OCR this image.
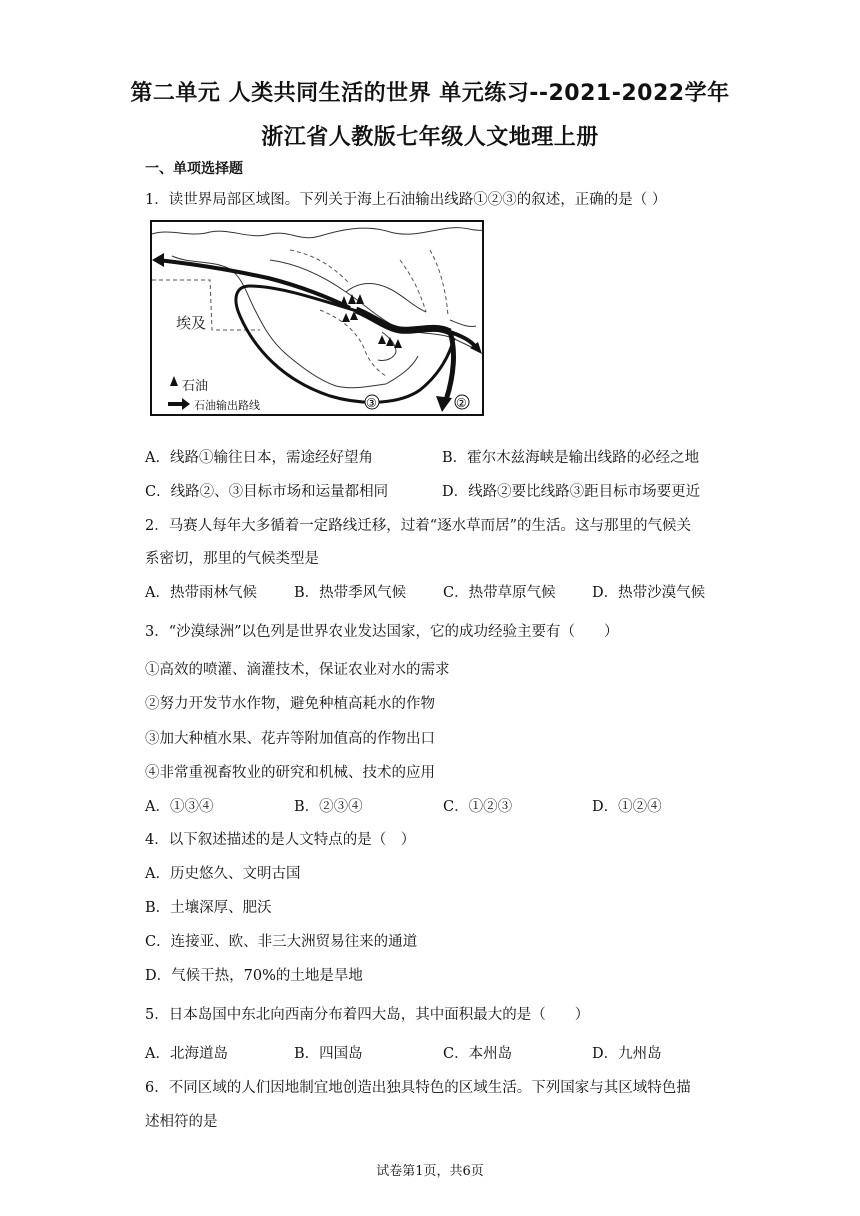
第二单元 人类共同生活的世界 单元练习--2021-2022学年
浙江省人教版七年级人文地理上册
一、单项选择题
1．读世界局部区域图。下列关于海上石油输出线路①②③的叙述，正确的是（ ）
③	②
埃及
石油
石油输出路线
A．线路①输往日本，需途经好望角	B．霍尔木兹海峡是输出线路的必经之地
C．线路②、③目标市场和运量都相同	D．线路②要比线路③距目标市场要更近
2．马赛人每年大多循着一定路线迁移，过着“逐水草而居”的生活。这与那里的气候关
系密切，那里的气候类型是
A．热带雨林气候	B．热带季风气候	C．热带草原气候	D．热带沙漠气候
3．“沙漠绿洲”以色列是世界农业发达国家，它的成功经验主要有（　　）
①高效的喷灌、滴灌技术，保证农业对水的需求
②努力开发节水作物，避免种植高耗水的作物
③加大种植水果、花卉等附加值高的作物出口
④非常重视畜牧业的研究和机械、技术的应用
A．①③④	B．②③④	C．①②③	D．①②④
4．以下叙述描述的是人文特点的是（　）
A．历史悠久、文明古国
B．土壤深厚、肥沃
C．连接亚、欧、非三大洲贸易往来的通道
D．气候干热，70%的土地是旱地
5．日本岛国中东北向西南分布着四大岛，其中面积最大的是（　　）
A．北海道岛	B．四国岛	C．本州岛	D．九州岛
6．不同区域的人们因地制宜地创造出独具特色的区域生活。下列国家与其区域特色描
述相符的是
试卷第1页，共6页
